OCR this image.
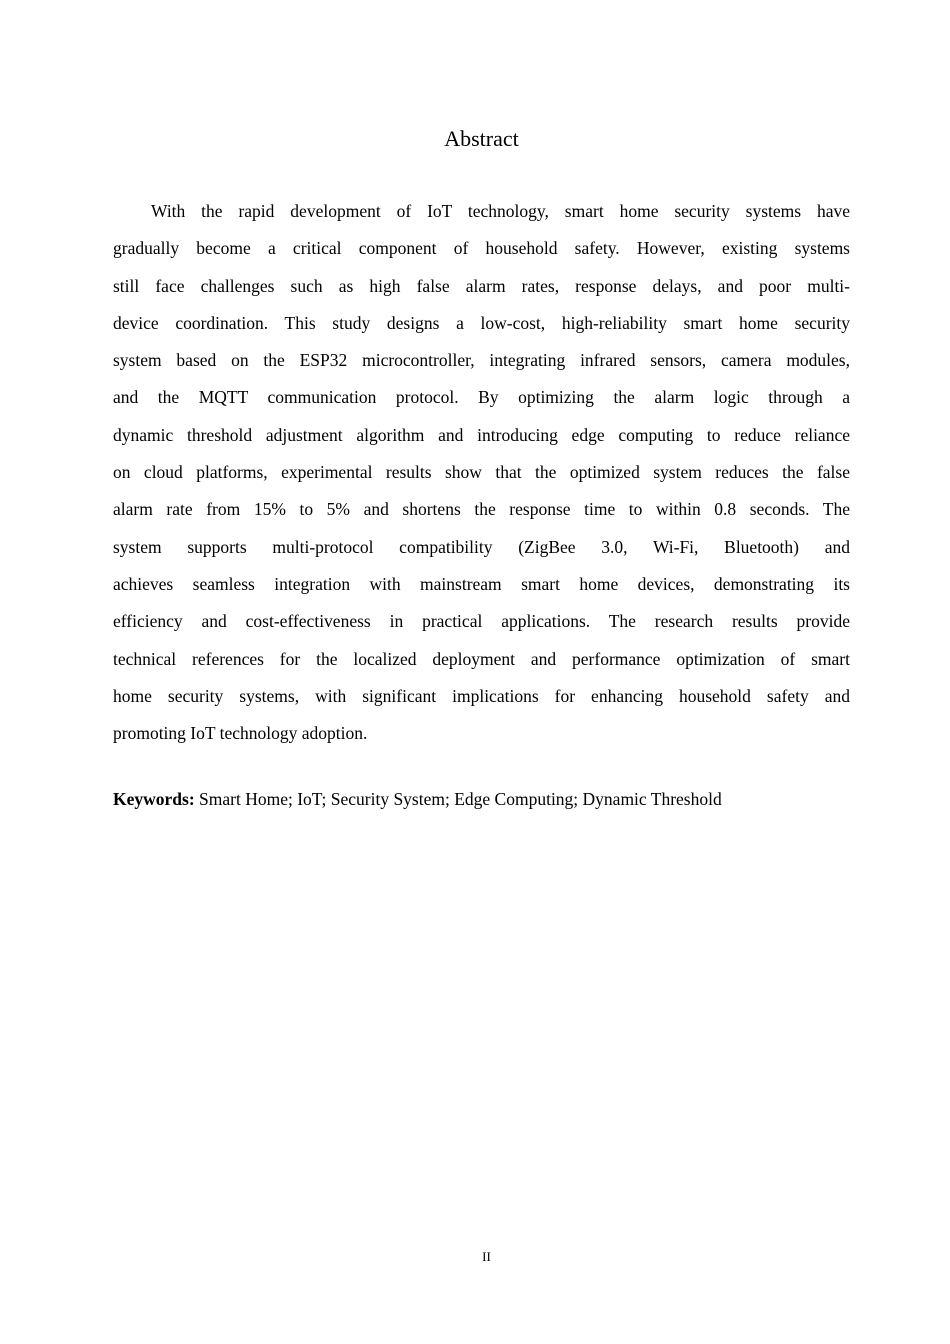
Abstract
With the rapid development of IoT technology, smart home security systems have
gradually become a critical component of household safety. However, existing systems
still face challenges such as high false alarm rates, response delays, and poor multi-
device coordination. This study designs a low-cost, high-reliability smart home security
system based on the ESP32 microcontroller, integrating infrared sensors, camera modules,
and the MQTT communication protocol. By optimizing the alarm logic through a
dynamic threshold adjustment algorithm and introducing edge computing to reduce reliance
on cloud platforms, experimental results show that the optimized system reduces the false
alarm rate from 15% to 5% and shortens the response time to within 0.8 seconds. The
system supports multi-protocol compatibility (ZigBee 3.0, Wi-Fi, Bluetooth) and
achieves seamless integration with mainstream smart home devices, demonstrating its
efficiency and cost-effectiveness in practical applications. The research results provide
technical references for the localized deployment and performance optimization of smart
home security systems, with significant implications for enhancing household safety and
promoting IoT technology adoption.
Keywords: Smart Home; IoT; Security System; Edge Computing; Dynamic Threshold
II
